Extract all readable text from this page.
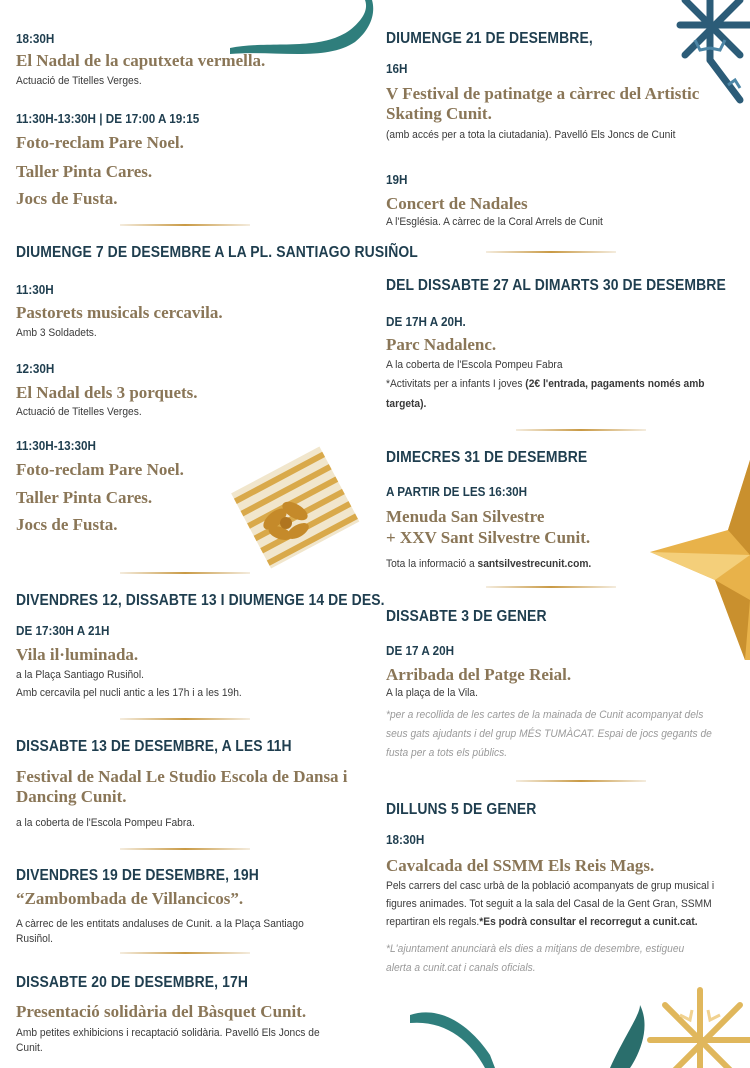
18:30H
El Nadal de la caputxeta vermella.
Actuació de Titelles Verges.
11:30H-13:30H | DE 17:00 A 19:15
Foto-reclam Pare Noel.
Taller Pinta Cares.
Jocs de Fusta.
DIUMENGE 7 DE DESEMBRE A LA PL. SANTIAGO RUSIÑOL
11:30H
Pastorets musicals cercavila.
Amb 3 Soldadets.
12:30H
El Nadal dels 3 porquets.
Actuació de Titelles Verges.
11:30H-13:30H
Foto-reclam Pare Noel.
Taller Pinta Cares.
Jocs de Fusta.
DIVENDRES 12, DISSABTE 13 I DIUMENGE 14 DE DES.
DE 17:30H A 21H
Vila il·luminada.
a la Plaça Santiago Rusiñol.
Amb cercavila pel nucli antic a les 17h i a les 19h.
DISSABTE 13 DE DESEMBRE, A LES 11H
Festival de Nadal Le Studio Escola de Dansa i
Dancing Cunit.
a la coberta de l'Escola Pompeu Fabra.
DIVENDRES 19 DE DESEMBRE, 19H
“Zambombada de Villancicos”.
A càrrec de les entitats andaluses de Cunit. a la Plaça Santiago Rusiñol.
DISSABTE 20 DE DESEMBRE, 17H
Presentació solidària del Bàsquet Cunit.
Amb petites exhibicions i recaptació solidària. Pavelló Els Joncs de Cunit.
DIUMENGE 21 DE DESEMBRE,
16H
V Festival de patinatge a càrrec del Artistic
Skating Cunit.
(amb accés per a tota la ciutadania). Pavelló Els Joncs de Cunit
19H
Concert de Nadales
A l'Església. A càrrec de la Coral Arrels de Cunit
DEL DISSABTE 27 AL DIMARTS 30 DE DESEMBRE
DE 17H A 20H.
Parc Nadalenc.
A la coberta de l'Escola Pompeu Fabra
*Activitats per a infants I joves (2€ l'entrada, pagaments només amb
targeta).
DIMECRES 31 DE DESEMBRE
A PARTIR DE LES 16:30H
Menuda San Silvestre
+ XXV Sant Silvestre Cunit.
Tota la informació a santsilvestrecunit.com.
DISSABTE 3 DE GENER
DE 17 A 20H
Arribada del Patge Reial.
A la plaça de la Vila.
*per a recollida de les cartes de la mainada de Cunit acompanyat dels
seus gats ajudants i del grup MÉS TUMÀCAT. Espai de jocs gegants de
fusta per a tots els públics.
DILLUNS 5 DE GENER
18:30H
Cavalcada del SSMM Els Reis Mags.
Pels carrers del casc urbà de la població acompanyats de grup musical i
figures animades. Tot seguit a la sala del Casal de la Gent Gran, SSMM
repartiran els regals.*Es podrà consultar el recorregut a cunit.cat.
*L'ajuntament anunciarà els dies a mitjans de desembre, estigueu
alerta a cunit.cat i canals oficials.
